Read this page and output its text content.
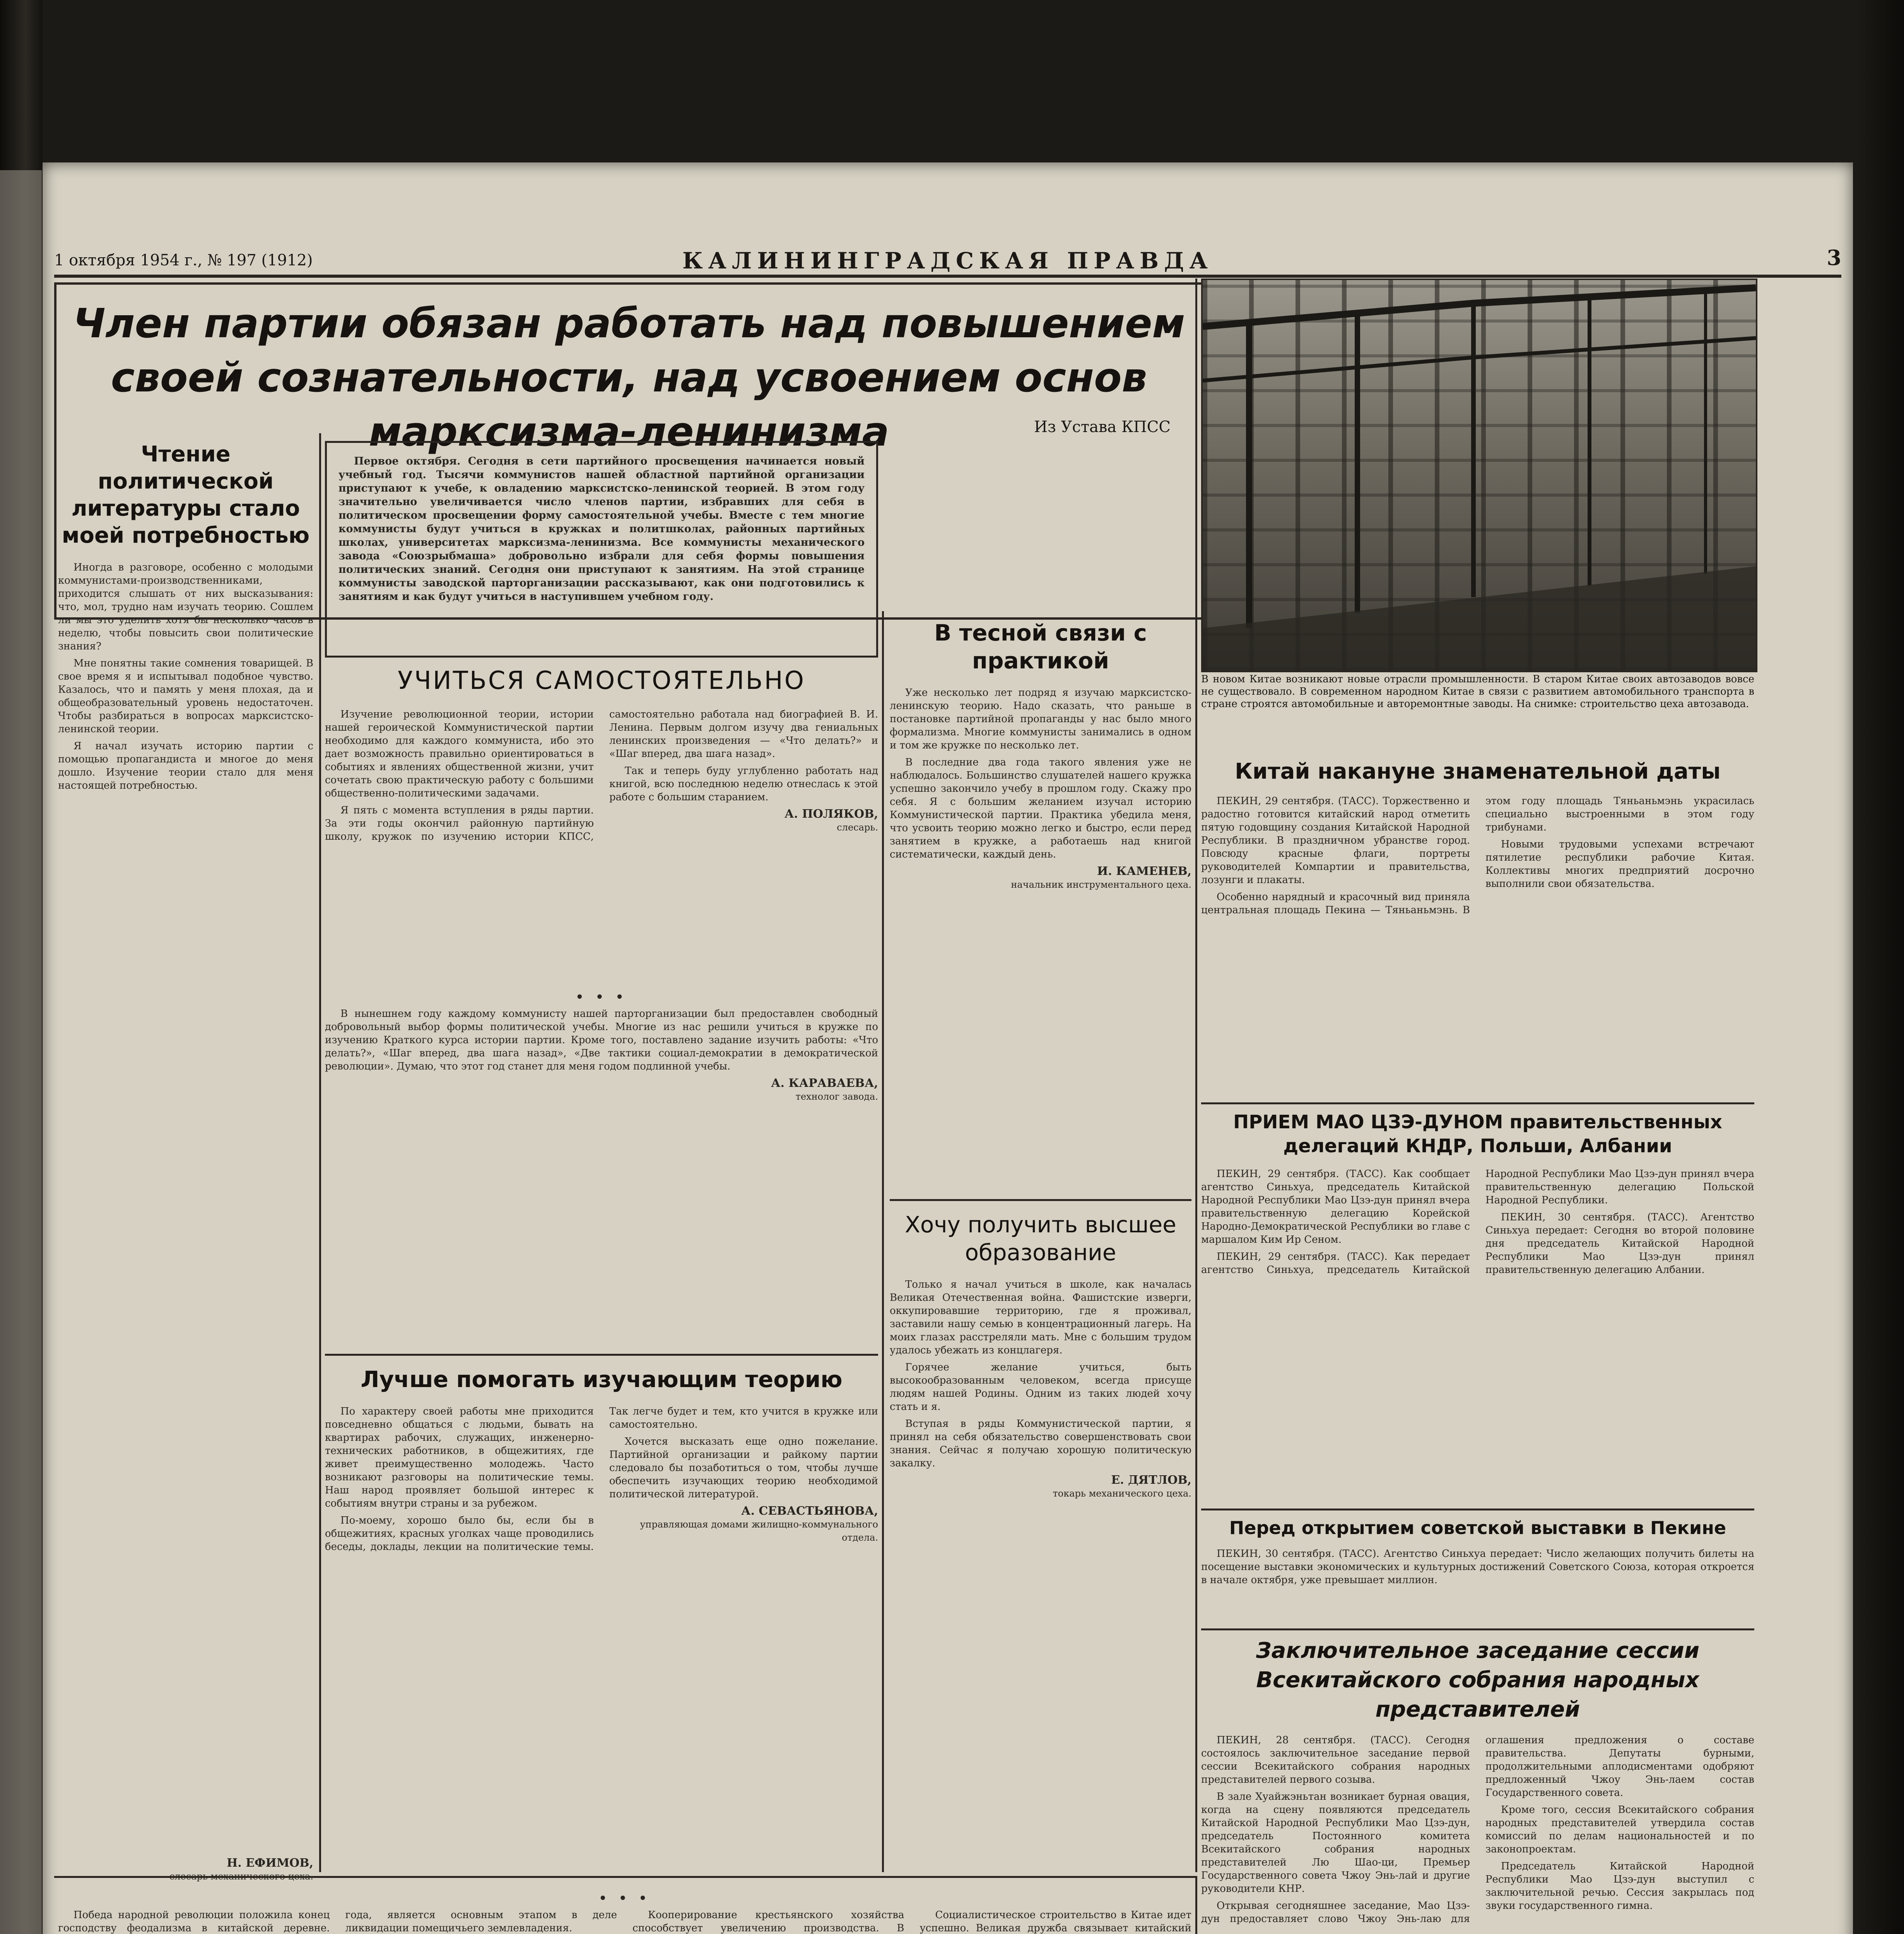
1 октября 1954 г., № 197 (1912)	КАЛИНИНГРАДСКАЯ ПРАВДА	3
Член партии обязан работать над повышением своей сознательности, над усвоением основ марксизма-ленинизма	Из Устава КПСС
Чтение политической литературы стало моей потребностью

Иногда в разговоре, особенно с молодыми коммунистами-производственниками, приходится слышать от них высказывания: что, мол, трудно нам изучать теорию. Сошлем ли мы это уделить хотя бы несколько часов в неделю, чтобы повысить свои политические знания?

Мне понятны такие сомнения товарищей. В свое время я и испытывал подобное чувство. Казалось, что и память у меня плохая, да и общеобразовательный уровень недостаточен. Чтобы разбираться в вопросах марксистско-ленинской теории.

Я начал изучать историю партии с помощью пропагандиста и многое до меня дошло. Изучение теории стало для меня настоящей потребностью.

Н. ЕФИМОВ,

Первое октября. Сегодня в сети партийного просвещения начинается новый учебный год. Тысячи коммунистов нашей областной партийной организации приступают к учебе, к овладению марксистско-ленинской теорией. В этом году значительно увеличивается число членов партии, избравших для себя в политическом просвещении форму самостоятельной учебы. Вместе с тем многие коммунисты будут учиться в кружках и политшколах, районных партийных школах, университетах марксизма-ленинизма. Все коммунисты механического завода «Союзрыбмаша» добровольно избрали для себя формы повышения политических знаний. Сегодня они приступают к занятиям. На этой странице коммунисты заводской парторганизации рассказывают, как они подготовились к занятиям и как будут учиться в наступившем учебном году.

УЧИТЬСЯ САМОСТОЯТЕЛЬНО

Изучение революционной теории, истории нашей героической Коммунистической партии необходимо для каждого коммуниста, ибо это дает возможность правильно ориентироваться в событиях и явлениях общественной жизни, учит сочетать свою практическую работу с большими общественно-политическими задачами.

Я пять с момента вступления в ряды партии. За эти годы окончил районную партийную школу, кружок по изучению истории КПСС, самостоятельно работала над биографией В. И. Ленина. Первым долгом изучу два гениальных ленинских произведения — «Что делать?» и «Шаг вперед, два шага назад».

Так и теперь буду углубленно работать над книгой, всю последнюю неделю отнеслась к этой работе с большим старанием.

А. ПОЛЯКОВ,
слесарь.
• • •

В нынешнем году каждому коммунисту нашей парторганизации был предоставлен свободный добровольный выбор формы политической учебы. Многие из нас решили учиться в кружке по изучению Краткого курса истории партии. Кроме того, поставлено задание изучить работы: «Что делать?», «Шаг вперед, два шага назад», «Две тактики социал-демократии в демократической революции». Думаю, что этот год станет для меня годом подлинной учебы.

А. КАРАВАЕВА,
технолог завода.
Лучше помогать изучающим теорию

По характеру своей работы мне приходится повседневно общаться с людьми, бывать на квартирах рабочих, служащих, инженерно-технических работников, в общежитиях, где живет преимущественно молодежь. Часто возникают разговоры на политические темы. Наш народ проявляет большой интерес к событиям внутри страны и за рубежом.

По-моему, хорошо было бы, если бы в общежитиях, красных уголках чаще проводились беседы, доклады, лекции на политические темы. Так легче будет и тем, кто учится в кружке или самостоятельно.

Хочется высказать еще одно пожелание. Партийной организации и райкому партии следовало бы позаботиться о том, чтобы лучше обеспечить изучающих теорию необходимой политической литературой.

А. СЕВАСТЬЯНОВА,
управляющая домами жилищно-коммунального отдела.
В тесной связи с практикой

Уже несколько лет подряд я изучаю марксистско-ленинскую теорию. Надо сказать, что раньше в постановке партийной пропаганды у нас было много формализма. Многие коммунисты занимались в одном и том же кружке по несколько лет.

В последние два года такого явления уже не наблюдалось. Большинство слушателей нашего кружка успешно закончило учебу в прошлом году. Скажу про себя. Я с большим желанием изучал историю Коммунистической партии. Практика убедила меня, что усвоить теорию можно легко и быстро, если перед занятием в кружке, а работаешь над книгой систематически, каждый день.

И. КАМЕНЕВ,
начальник инструментального цеха.
Хочу получить высшее образование

Только я начал учиться в школе, как началась Великая Отечественная война. Фашистские изверги, оккупировавшие территорию, где я проживал, заставили нашу семью в концентрационный лагерь. На моих глазах расстреляли мать. Мне с большим трудом удалось убежать из концлагеря.

Горячее желание учиться, быть высокообразованным человеком, всегда присуще людям нашей Родины. Одним из таких людей хочу стать и я.

Вступая в ряды Коммунистической партии, я принял на себя обязательство совершенствовать свои знания. Сейчас я получаю хорошую политическую закалку.

Е. ДЯТЛОВ,
токарь механического цеха.
В новом Китае возникают новые отрасли промышленности. В старом Китае своих автозаводов вовсе не существовало. В современном народном Китае в связи с развитием автомобильного транспорта в стране строятся автомобильные и авторемонтные заводы. На снимке: строительство цеха автозавода.
Китай накануне знаменательной даты

ПЕКИН, 29 сентября. (ТАСС). Торжественно и радостно готовится китайский народ отметить пятую годовщину создания Китайской Народной Республики. В праздничном убранстве город. Повсюду красные флаги, портреты руководителей Компартии и правительства, лозунги и плакаты.

Особенно нарядный и красочный вид приняла центральная площадь Пекина — Тяньаньмэнь. В этом году площадь Тяньаньмэнь украсилась специально выстроенными в этом году трибунами.

Новыми трудовыми успехами встречают пятилетие республики рабочие Китая. Коллективы многих предприятий досрочно выполнили свои обязательства.

ПРИЕМ МАО ЦЗЭ-ДУНОМ правительственных делегаций КНДР, Польши, Албании

ПЕКИН, 29 сентября. (ТАСС). Как сообщает агентство Синьхуа, председатель Китайской Народной Республики Мао Цзэ-дун принял вчера правительственную делегацию Корейской Народно-Демократической Республики во главе с маршалом Ким Ир Сеном.

ПЕКИН, 29 сентября. (ТАСС). Как передает агентство Синьхуа, председатель Китайской Народной Республики Мао Цзэ-дун принял вчера правительственную делегацию Польской Народной Республики.

ПЕКИН, 30 сентября. (ТАСС). Агентство Синьхуа передает: Сегодня во второй половине дня председатель Китайской Народной Республики Мао Цзэ-дун принял правительственную делегацию Албании.

Перед открытием советской выставки в Пекине

ПЕКИН, 30 сентября. (ТАСС). Агентство Синьхуа передает: Число желающих получить билеты на посещение выставки экономических и культурных достижений Советского Союза, которая откроется в начале октября, уже превышает миллион.

Заключительное заседание сессии Всекитайского собрания народных представителей

ПЕКИН, 28 сентября. (ТАСС). Сегодня состоялось заключительное заседание первой сессии Всекитайского собрания народных представителей первого созыва.

В зале Хуайжэньтан возникает бурная овация, когда на сцену появляются председатель Китайской Народной Республики Мао Цзэ-дун, председатель Постоянного комитета Всекитайского собрания народных представителей Лю Шао-ци, Премьер Государственного совета Чжоу Энь-лай и другие руководители КНР.

Открывая сегодняшнее заседание, Мао Цзэ-дун предоставляет слово Чжоу Энь-лаю для оглашения предложения о составе правительства. Депутаты бурными, продолжительными аплодисментами одобряют предложенный Чжоу Энь-лаем состав Государственного совета.

Кроме того, сессия Всекитайского собрания народных представителей утвердила состав комиссий по делам национальностей и по законопроектам.

Председатель Китайской Народной Республики Мао Цзэ-дун выступил с заключительной речью. Сессия закрылась под звуки государственного гимна.

• • •

Победа народной революции положила конец господству феодализма в китайской деревне. года, является основным этапом в деле ликвидации помещичьего землевладения.

Кооперирование крестьянского хозяйства способствует увеличению производства. В

Социалистическое строительство в Китае идет успешно. Великая дружба связывает китайский
